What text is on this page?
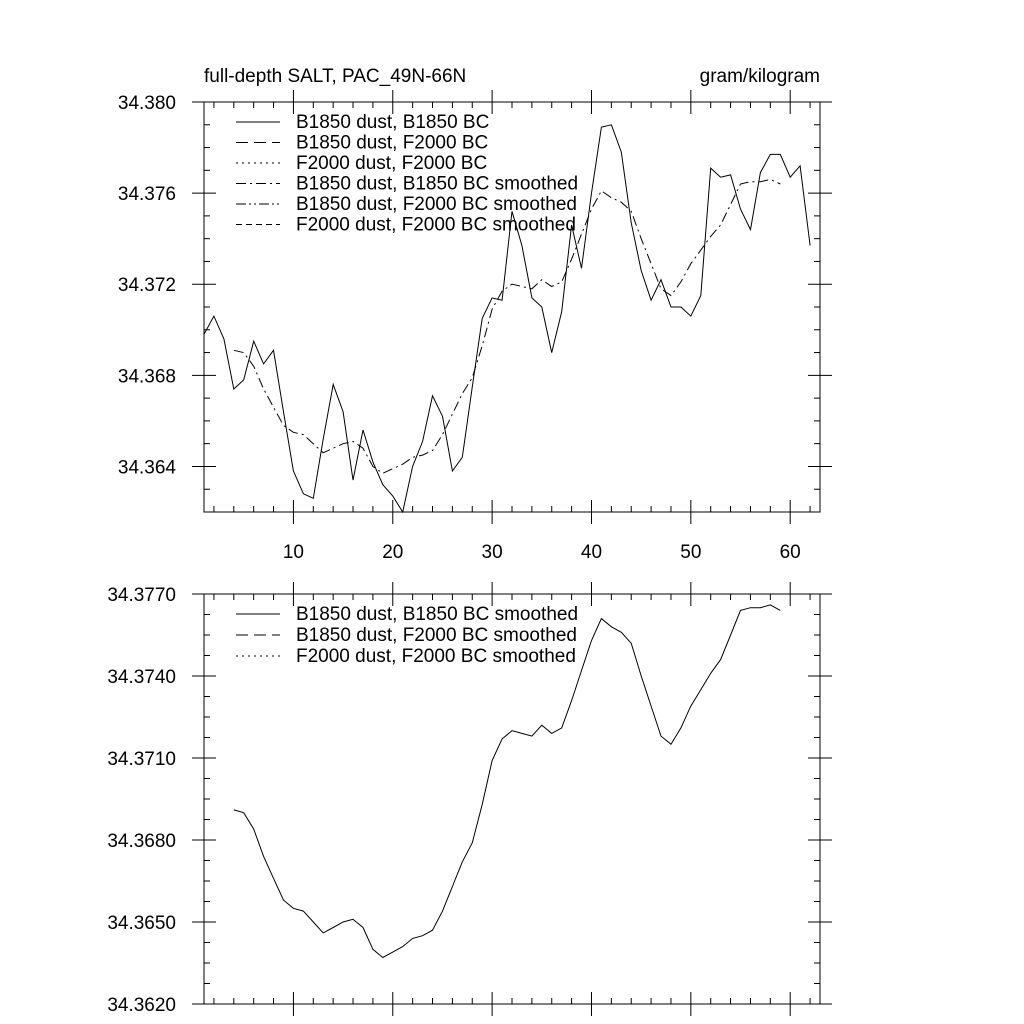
full-depth SALT, PAC_49N-66N	gram/kilogram
10	20	30	40	50	60
34.364
34.368
34.372
34.376
34.380
B1850 dust, B1850 BC
B1850 dust, F2000 BC
F2000 dust, F2000 BC
B1850 dust, B1850 BC smoothed
B1850 dust, F2000 BC smoothed
F2000 dust, F2000 BC smoothed
34.3620
34.3650
34.3680
34.3710
34.3740
34.3770
B1850 dust, B1850 BC smoothed
B1850 dust, F2000 BC smoothed
F2000 dust, F2000 BC smoothed
